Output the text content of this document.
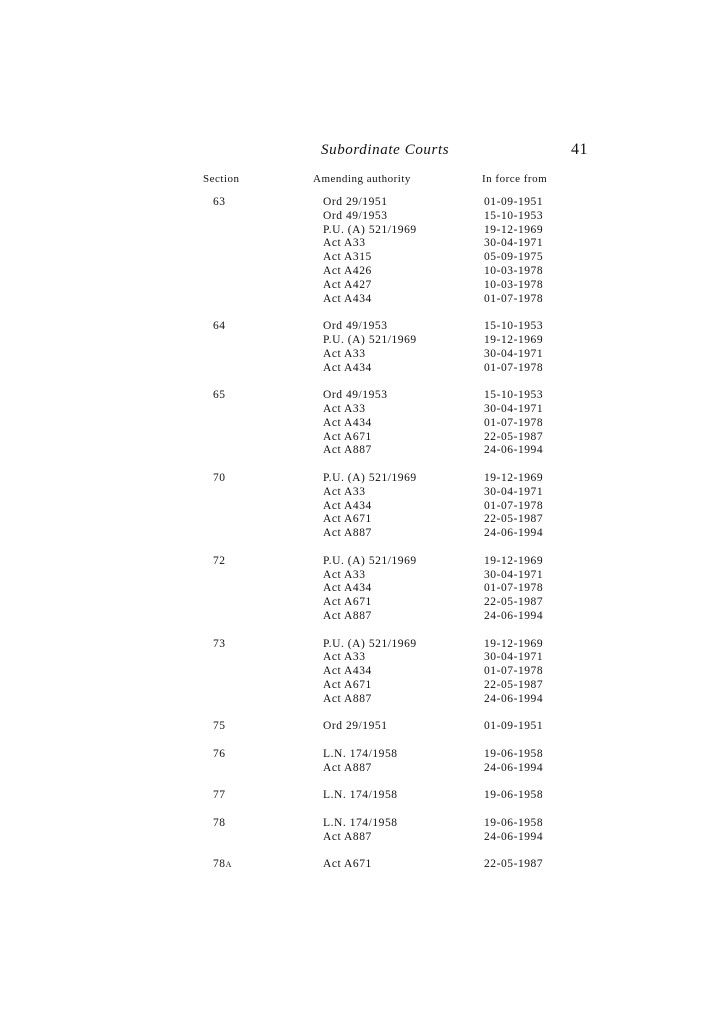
Subordinate Courts	41
Section	Amending authority	In force from
63	Ord 29/1951	01-09-1951
Ord 49/1953	15-10-1953
P.U. (A) 521/1969	19-12-1969
Act A33	30-04-1971
Act A315	05-09-1975
Act A426	10-03-1978
Act A427	10-03-1978
Act A434	01-07-1978
64	Ord 49/1953	15-10-1953
P.U. (A) 521/1969	19-12-1969
Act A33	30-04-1971
Act A434	01-07-1978
65	Ord 49/1953	15-10-1953
Act A33	30-04-1971
Act A434	01-07-1978
Act A671	22-05-1987
Act A887	24-06-1994
70	P.U. (A) 521/1969	19-12-1969
Act A33	30-04-1971
Act A434	01-07-1978
Act A671	22-05-1987
Act A887	24-06-1994
72	P.U. (A) 521/1969	19-12-1969
Act A33	30-04-1971
Act A434	01-07-1978
Act A671	22-05-1987
Act A887	24-06-1994
73	P.U. (A) 521/1969	19-12-1969
Act A33	30-04-1971
Act A434	01-07-1978
Act A671	22-05-1987
Act A887	24-06-1994
75	Ord 29/1951	01-09-1951
76	L.N. 174/1958	19-06-1958
Act A887	24-06-1994
77	L.N. 174/1958	19-06-1958
78	L.N. 174/1958	19-06-1958
Act A887	24-06-1994
78A	Act A671	22-05-1987
